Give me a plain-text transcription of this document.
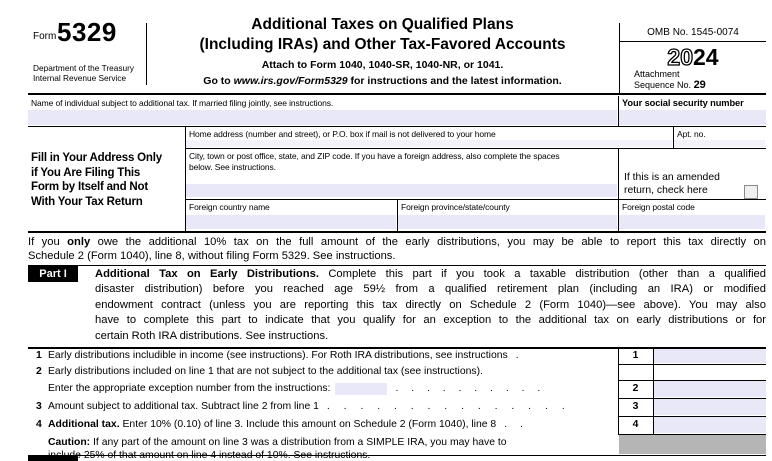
Form 5329
Department of the Treasury
Internal Revenue Service
Additional Taxes on Qualified Plans
(Including IRAs) and Other Tax-Favored Accounts
Attach to Form 1040, 1040-SR, 1040-NR, or 1041.
Go to www.irs.gov/Form5329 for instructions and the latest information.
OMB No. 1545-0074
2024
Attachment
Sequence No. 29
Name of individual subject to additional tax. If married filing jointly, see instructions.	Your social security number
Fill in Your Address Only
if You Are Filing This
Form by Itself and Not
With Your Tax Return
Home address (number and street), or P.O. box if mail is not delivered to your home	Apt. no.
City, town or post office, state, and ZIP code. If you have a foreign address, also complete the spaces
below. See instructions.
If this is an amended
return, check here
Foreign country name	Foreign province/state/county	Foreign postal code
If you only owe the additional 10% tax on the full amount of the early distributions, you may be able to report this tax directly on
Schedule 2 (Form 1040), line 8, without filing Form 5329. See instructions.
Part I	Additional Tax on Early Distributions. Complete this part if you took a taxable distribution (other than a qualified
disaster distribution) before you reached age 59½ from a qualified retirement plan (including an IRA) or modified
endowment contract (unless you are reporting this tax directly on Schedule 2 (Form 1040)—see above). You may also
have to complete this part to indicate that you qualify for an exception to the additional tax on early distributions or for
certain Roth IRA distributions. See instructions.
1 Early distributions includible in income (see instructions). For Roth IRA distributions, see instructions .	1
2 Early distributions included on line 1 that are not subject to the additional tax (see instructions).
Enter the appropriate exception number from the instructions:	. . . . . . . . . .	2
3 Amount subject to additional tax. Subtract line 2 from line 1 . . . . . . . . . . . . . . .	3
4 Additional tax. Enter 10% (0.10) of line 3. Include this amount on Schedule 2 (Form 1040), line 8 . .	4
Caution: If any part of the amount on line 3 was a distribution from a SIMPLE IRA, you may have to
